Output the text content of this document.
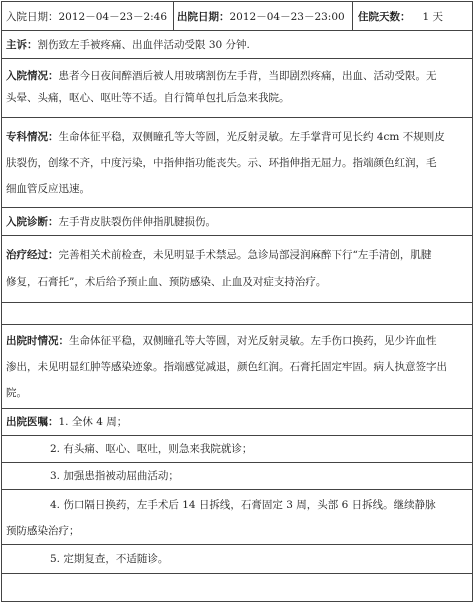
入院日期：2012－04－23－2:46 出院日期：2012－04－23－23:00 住院天数： 1 天
主诉：割伤致左手被疼痛、出血伴活动受限 30 分钟.
入院情况：患者今日夜间醉酒后被人用玻璃割伤左手背，当即剧烈疼痛，出血、活动受限。无
头晕、头痛，呕心、呕吐等不适。自行简单包扎后急来我院。
专科情况：生命体征平稳，双侧瞳孔等大等圆，光反射灵敏。左手掌背可见长约 4cm 不规则皮
肤裂伤，创缘不齐，中度污染，中指伸指功能丧失。示、环指伸指无屈力。指端颜色红润，毛
细血管反应迅速。
入院诊断：左手背皮肤裂伤伴伸指肌腱损伤。
治疗经过：完善相关术前检查，未见明显手术禁忌。急诊局部浸润麻醉下行“左手清创，肌腱
修复，石膏托”，术后给予预止血、预防感染、止血及对症支持治疗。
出院时情况：生命体征平稳，双侧瞳孔等大等圆，对光反射灵敏。左手伤口换药，见少许血性
渗出，未见明显红肿等感染迹象。指端感觉减退，颜色红润。石膏托固定牢固。病人执意签字出
院。
出院医嘱：1. 全休 4 周；
2. 有头痛、呕心、呕吐，则急来我院就诊；
3. 加强患指被动屈曲活动；
4. 伤口隔日换药，左手术后 14 日拆线，石膏固定 3 周，头部 6 日拆线。继续静脉
预防感染治疗；
5. 定期复查，不适随诊。
